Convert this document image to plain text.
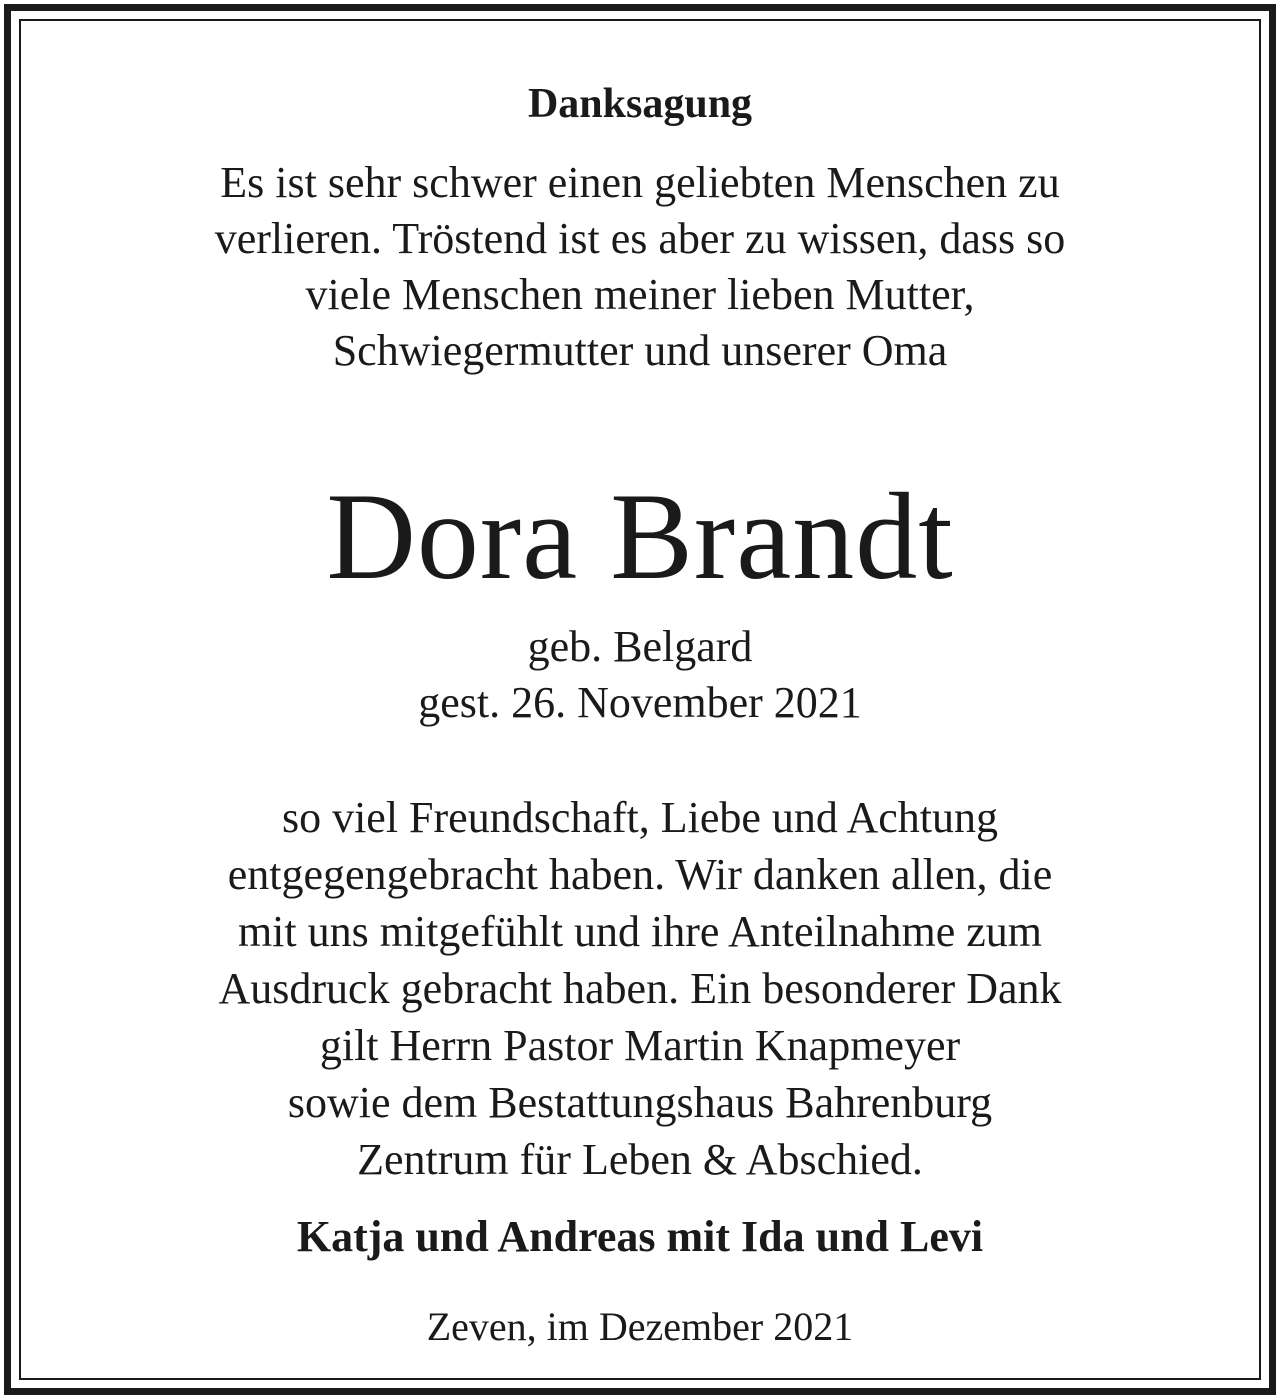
Danksagung

Es ist sehr schwer einen geliebten Menschen zu
verlieren. Tröstend ist es aber zu wissen, dass so
viele Menschen meiner lieben Mutter,
Schwiegermutter und unserer Oma

Dora Brandt

geb. Belgard

gest. 26. November 2021

so viel Freundschaft, Liebe und Achtung
entgegengebracht haben. Wir danken allen, die
mit uns mitgefühlt und ihre Anteilnahme zum
Ausdruck gebracht haben. Ein besonderer Dank
gilt Herrn Pastor Martin Knapmeyer
sowie dem Bestattungshaus Bahrenburg
Zentrum für Leben & Abschied.

Katja und Andreas mit Ida und Levi

Zeven, im Dezember 2021
